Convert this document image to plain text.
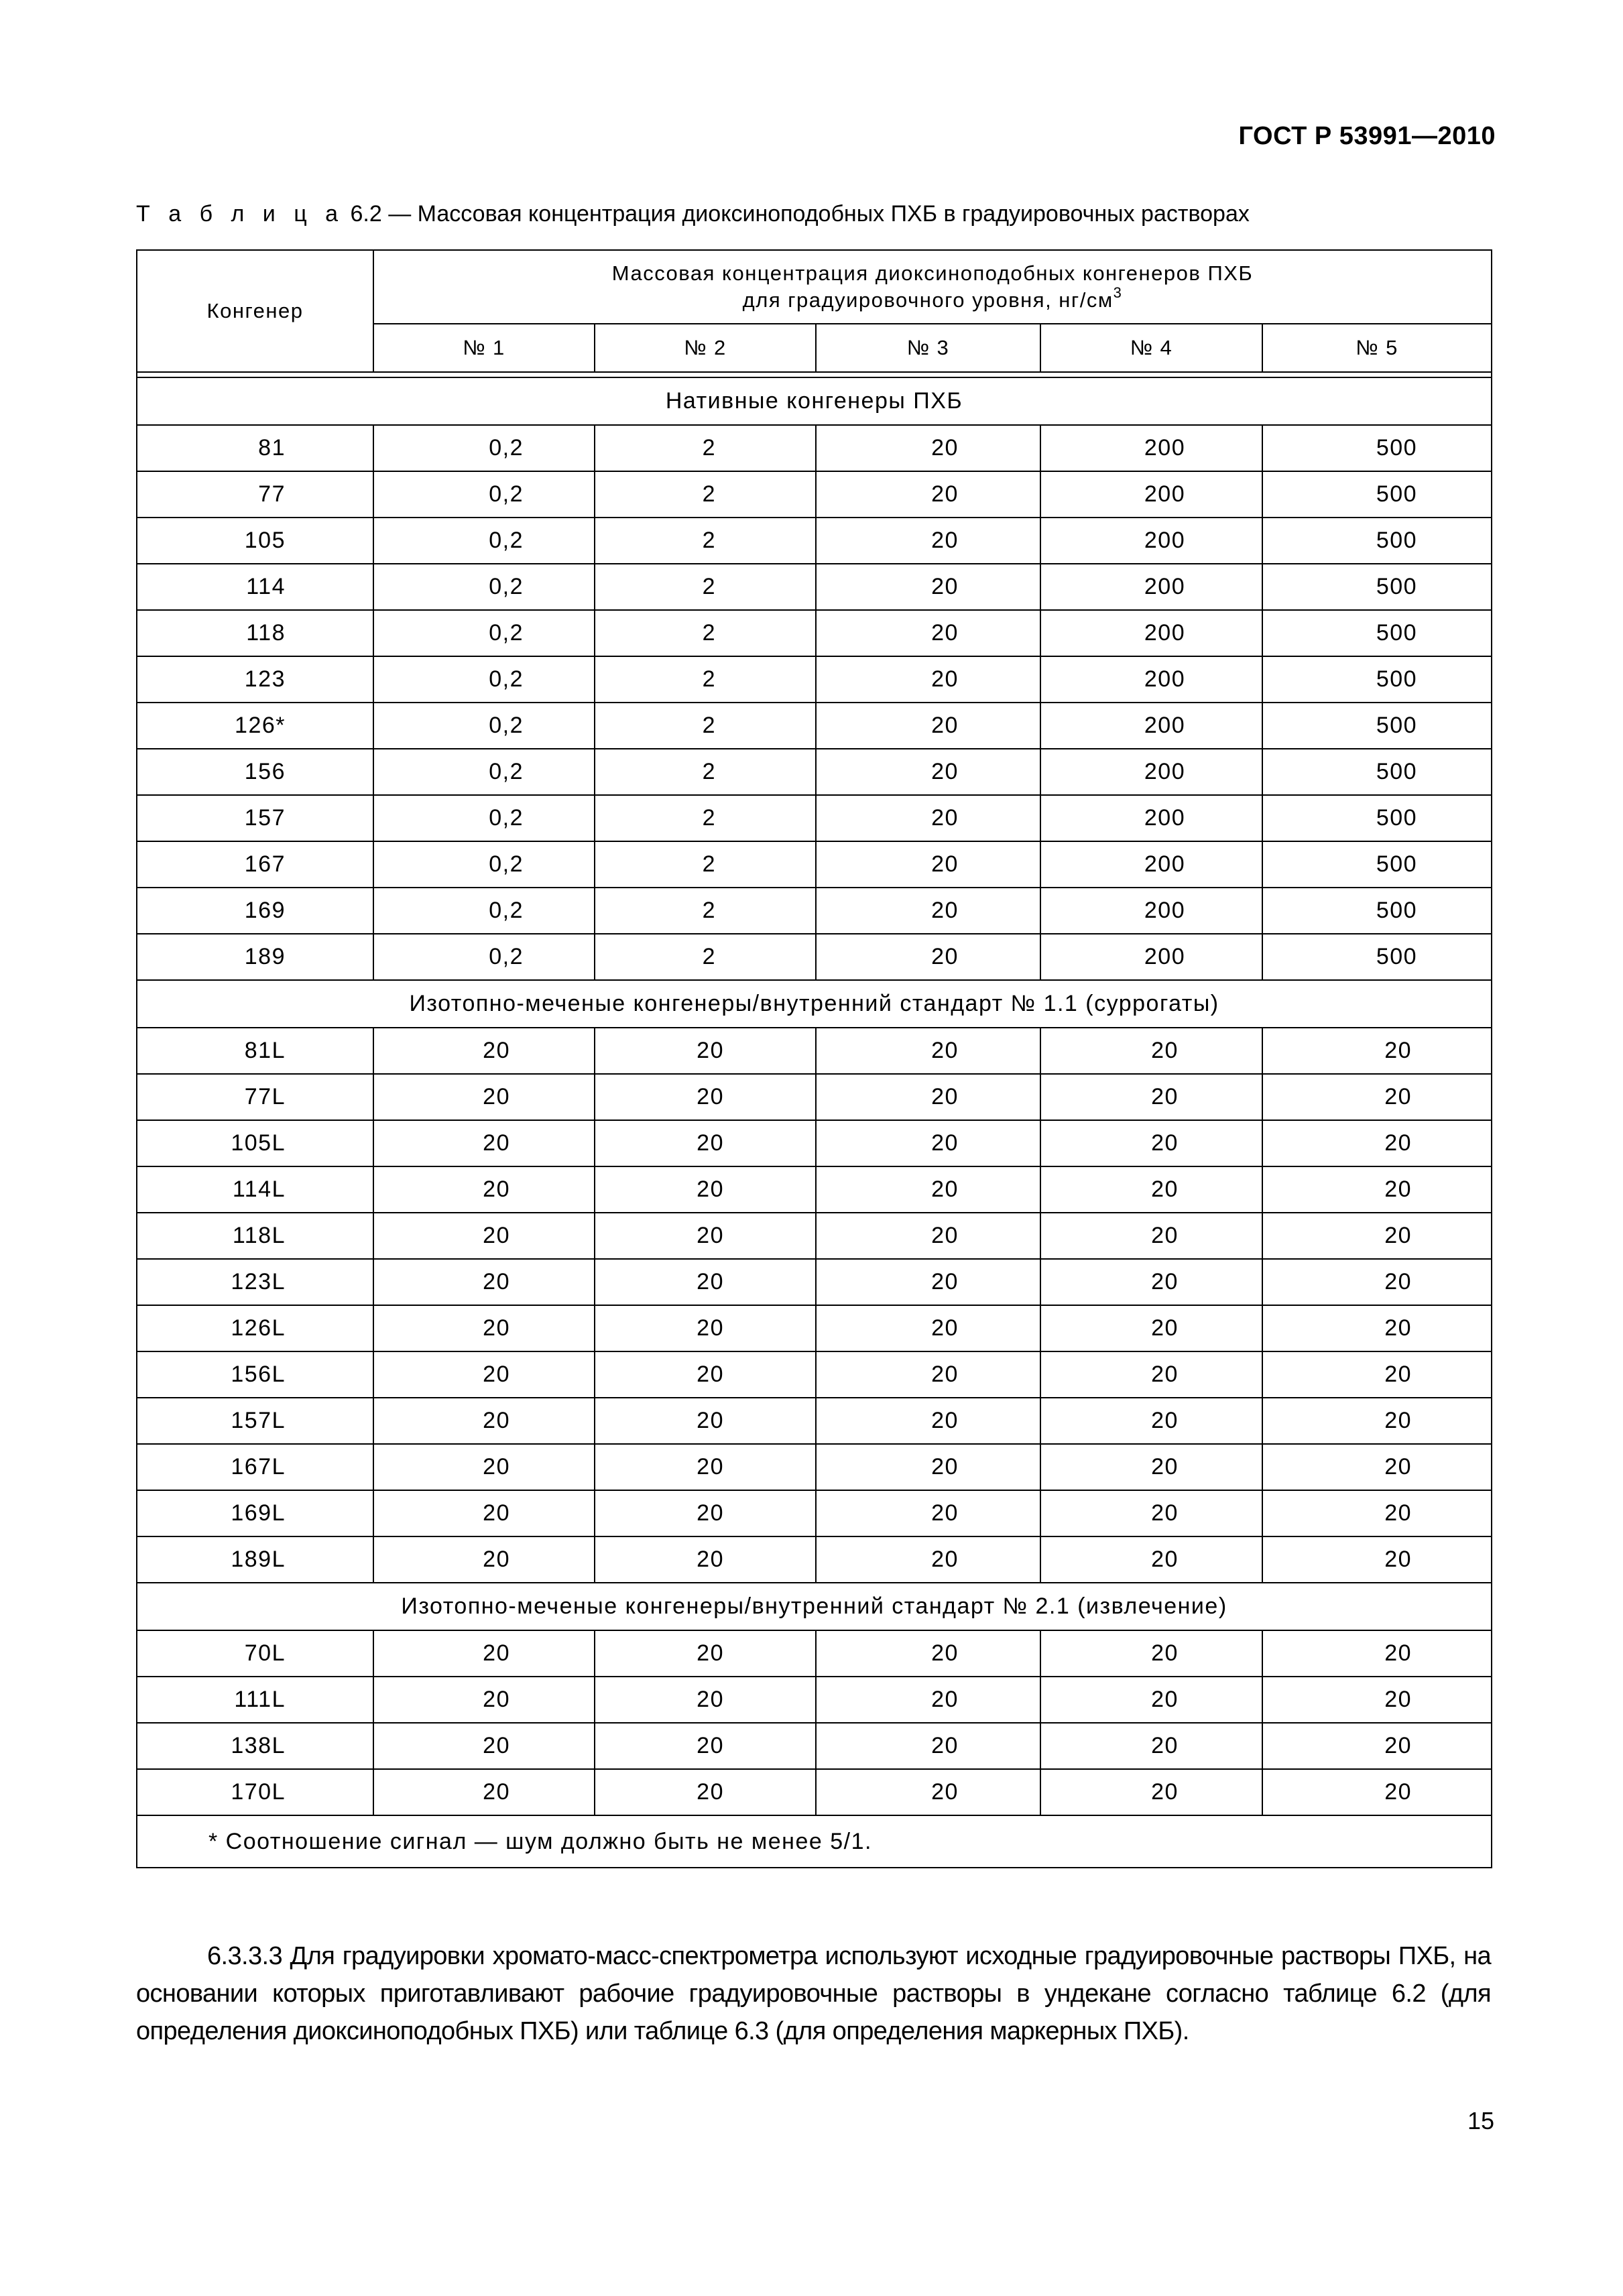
ГОСТ Р 53991—2010
Т а б л и ц а 6.2 — Массовая концентрация диоксиноподобных ПХБ в градуировочных растворах
Конгенер	Массовая концентрация диоксиноподобных конгенеров ПХБ
для градуировочного уровня, $нг/см^3$
	№ 1	№ 2	№ 3	№ 4	№ 5

Нативные конгенеры ПХБ					
81	0,2	2	20	200	500
77	0,2	2	20	200	500
105	0,2	2	20	200	500
114	0,2	2	20	200	500
118	0,2	2	20	200	500
123	0,2	2	20	200	500
126*	0,2	2	20	200	500
156	0,2	2	20	200	500
157	0,2	2	20	200	500
167	0,2	2	20	200	500
169	0,2	2	20	200	500
189	0,2	2	20	200	500
Изотопно-меченые конгенеры/внутренний стандарт № 1.1 (суррогаты)					
81L	20	20	20	20	20
77L	20	20	20	20	20
105L	20	20	20	20	20
114L	20	20	20	20	20
118L	20	20	20	20	20
123L	20	20	20	20	20
126L	20	20	20	20	20
156L	20	20	20	20	20
157L	20	20	20	20	20
167L	20	20	20	20	20
169L	20	20	20	20	20
189L	20	20	20	20	20
Изотопно-меченые конгенеры/внутренний стандарт № 2.1 (извлечение)					
70L	20	20	20	20	20
111L	20	20	20	20	20
138L	20	20	20	20	20
170L	20	20	20	20	20
* Соотношение сигнал — шум должно быть не менее 5/1.					
6.3.3.3 Для градуировки хромато-масс-спектрометра используют исходные градуировочные растворы ПХБ, на основании которых приготавливают рабочие градуировочные растворы в ундекане согласно таблице 6.2 (для определения диоксиноподобных ПХБ) или таблице 6.3 (для определения маркерных ПХБ).
15
